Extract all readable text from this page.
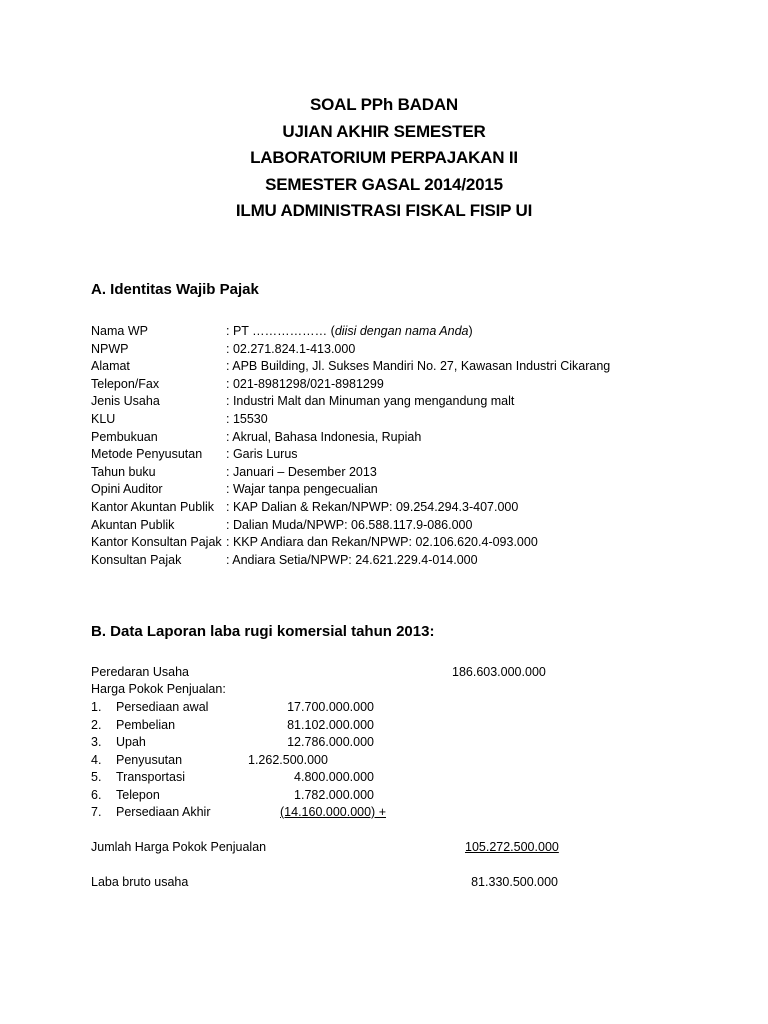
SOAL PPh BADAN
UJIAN AKHIR SEMESTER
LABORATORIUM PERPAJAKAN II
SEMESTER GASAL 2014/2015
ILMU ADMINISTRASI FISKAL FISIP UI
A. Identitas Wajib Pajak
Nama WP	: PT ……………… (diisi dengan nama Anda)
NPWP	: 02.271.824.1-413.000
Alamat	: APB Building, Jl. Sukses Mandiri No. 27, Kawasan Industri Cikarang
Telepon/Fax	: 021-8981298/021-8981299
Jenis Usaha	: Industri Malt dan Minuman yang mengandung malt
KLU	: 15530
Pembukuan	: Akrual, Bahasa Indonesia, Rupiah
Metode Penyusutan	: Garis Lurus
Tahun buku	: Januari – Desember 2013
Opini Auditor	: Wajar tanpa pengecualian
Kantor Akuntan Publik : KAP Dalian & Rekan/NPWP: 09.254.294.3-407.000
Akuntan Publik	: Dalian Muda/NPWP: 06.588.117.9-086.000
Kantor Konsultan Pajak : KKP Andiara dan Rekan/NPWP: 02.106.620.4-093.000
Konsultan Pajak	: Andiara Setia/NPWP: 24.621.229.4-014.000
B. Data Laporan laba rugi komersial tahun 2013:
Peredaran Usaha	186.603.000.000
Harga Pokok Penjualan:
1. Persediaan awal	17.700.000.000
2. Pembelian	81.102.000.000
3. Upah	12.786.000.000
4. Penyusutan	1.262.500.000
5. Transportasi	4.800.000.000
6. Telepon	1.782.000.000
7. Persediaan Akhir	(14.160.000.000) +
Jumlah Harga Pokok Penjualan	105.272.500.000
Laba bruto usaha	81.330.500.000
